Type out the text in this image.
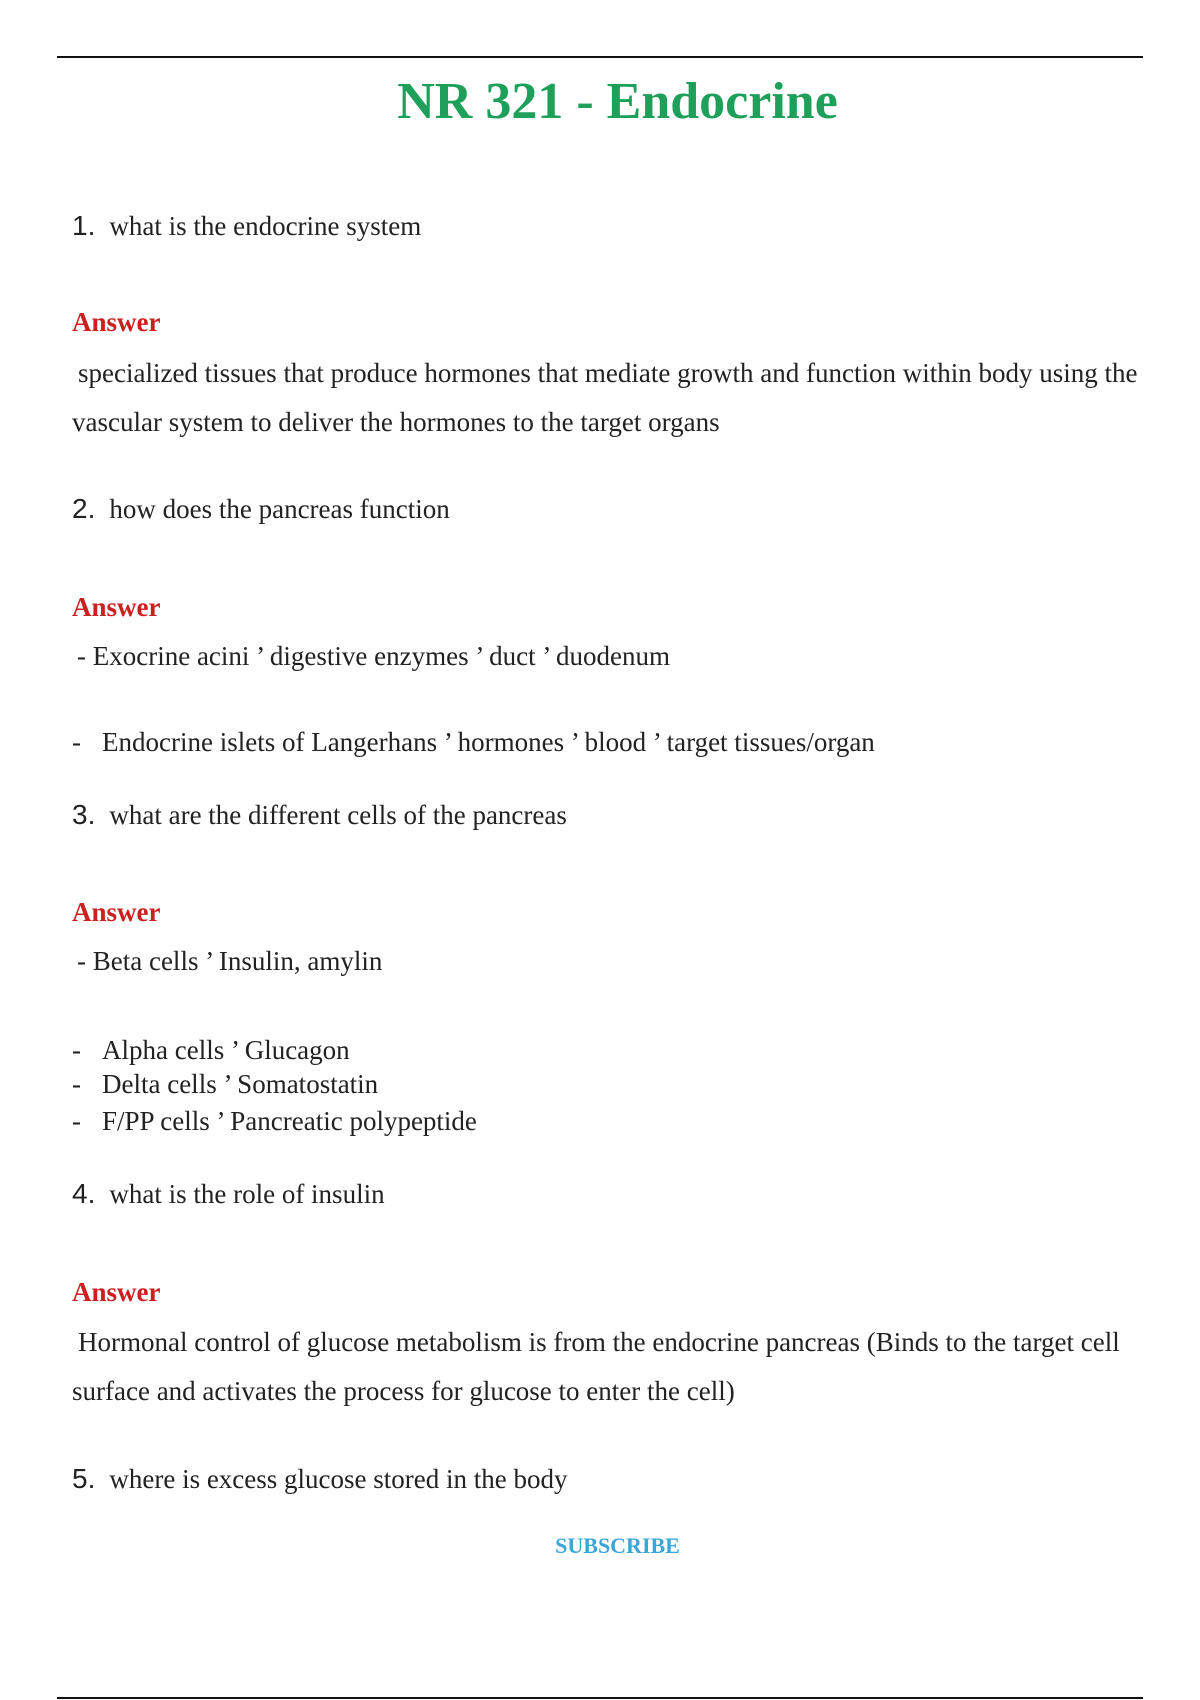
NR 321 - Endocrine
1. what is the endocrine system
Answer
specialized tissues that produce hormones that mediate growth and function within body using the vascular system to deliver the hormones to the target organs
2. how does the pancreas function
Answer
- Exocrine acini ’ digestive enzymes ’ duct ’ duodenum
- Endocrine islets of Langerhans ’ hormones ’ blood ’ target tissues/organ
3. what are the different cells of the pancreas
Answer
- Beta cells ’ Insulin, amylin
- Alpha cells ’ Glucagon
- Delta cells ’ Somatostatin
- F/PP cells ’ Pancreatic polypeptide
4. what is the role of insulin
Answer
Hormonal control of glucose metabolism is from the endocrine pancreas (Binds to the target cell surface and activates the process for glucose to enter the cell)
5. where is excess glucose stored in the body
SUBSCRIBE
